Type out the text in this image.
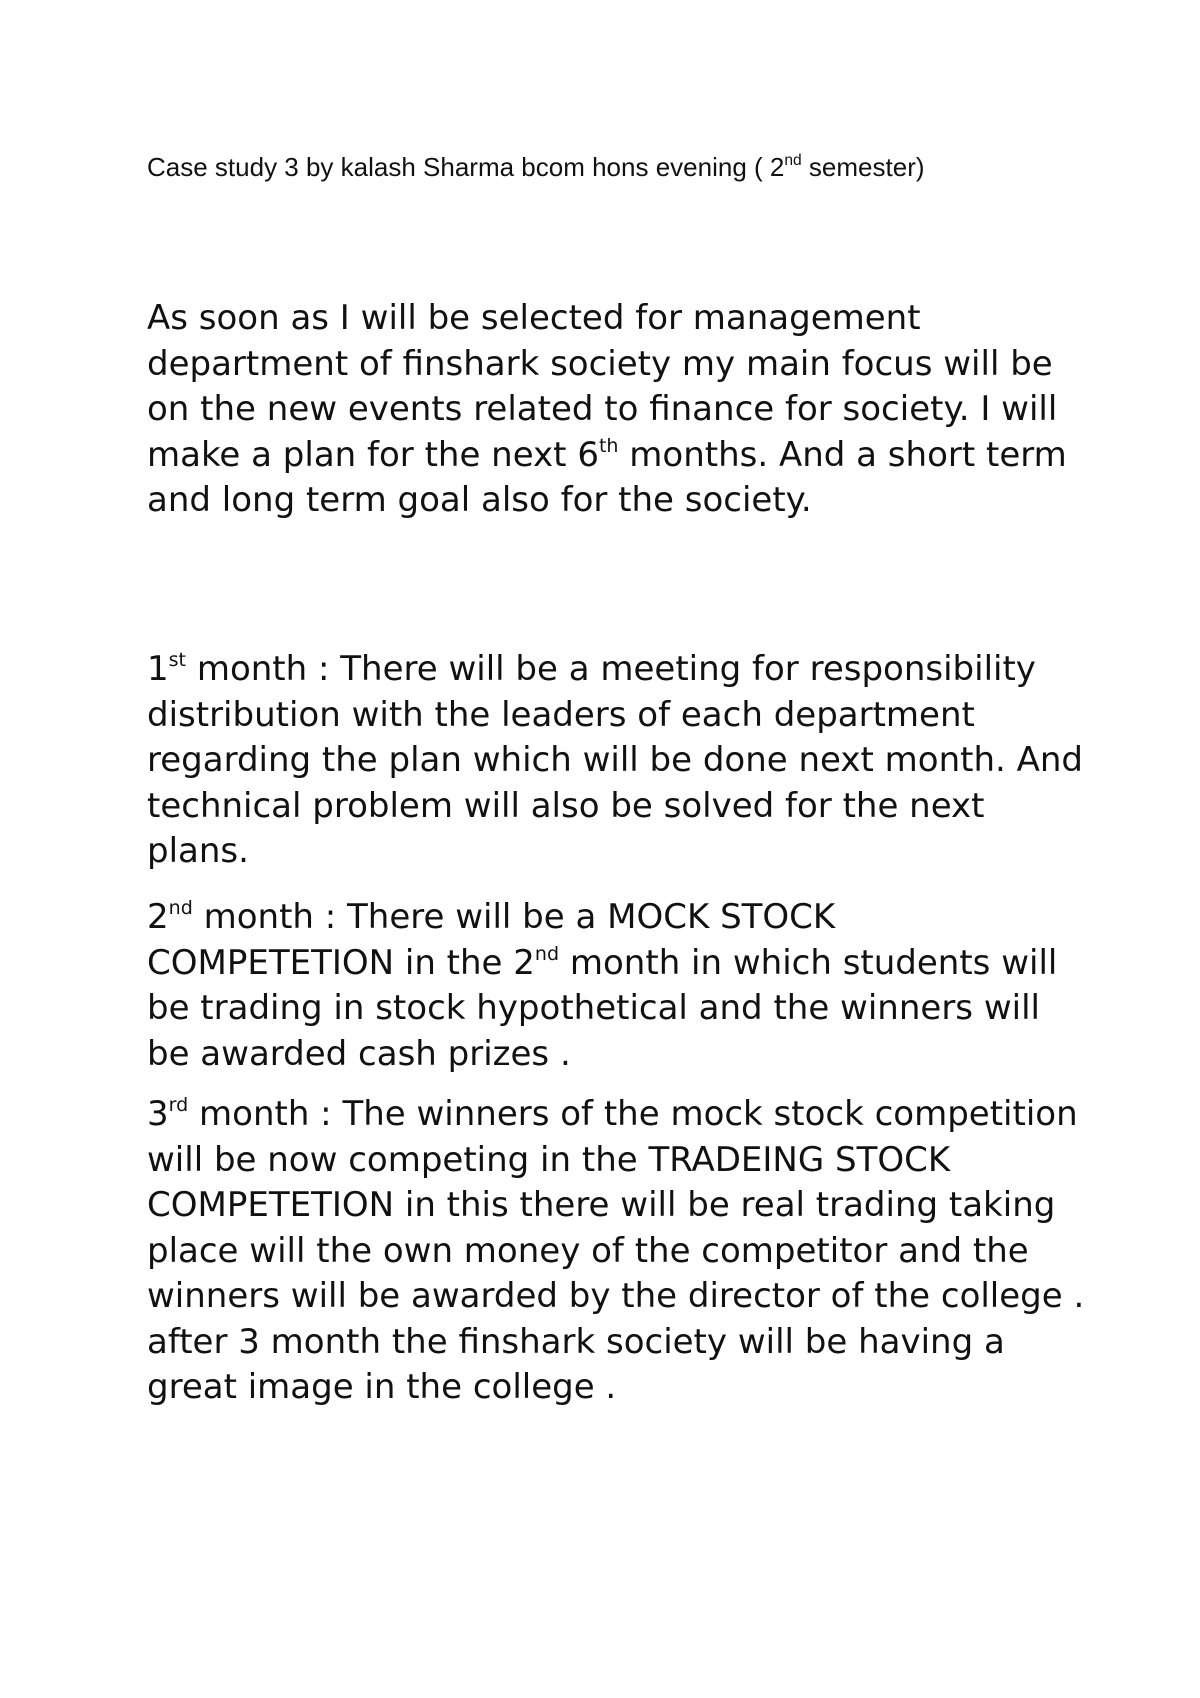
Case study 3 by kalash Sharma bcom hons evening ( 2nd semester)

As soon as I will be selected for management department of finshark society my main focus will be on the new events related to finance for society. I will make a plan for the next 6th months. And a short term and long term goal also for the society.

1st month : There will be a meeting for responsibility distribution with the leaders of each department regarding the plan which will be done next month. And technical problem will also be solved for the next plans.

2nd month : There will be a MOCK STOCK COMPETETION in the 2nd month in which students will be trading in stock hypothetical and the winners will be awarded cash prizes .

3rd month : The winners of the mock stock competition will be now competing in the TRADEING STOCK COMPETETION in this there will be real trading taking place will the own money of the competitor and the winners will be awarded by the director of the college . after 3 month the finshark society will be having a great image in the college .
